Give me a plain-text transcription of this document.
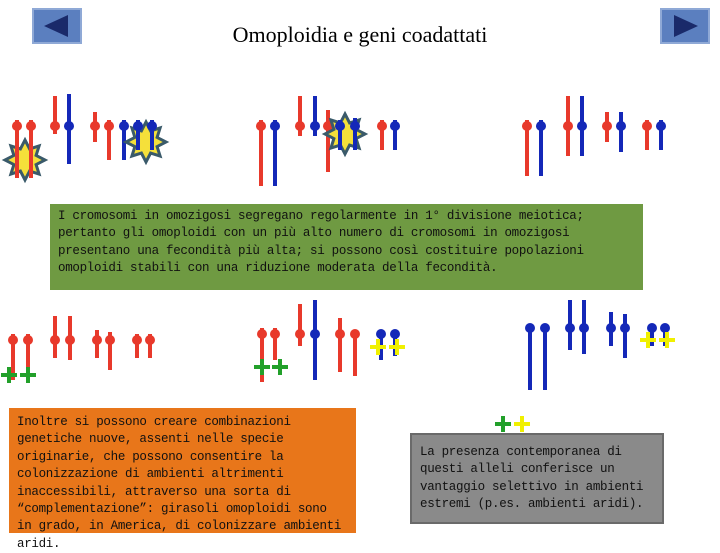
Omoploidia e geni coadattati
I cromosomi in omozigosi segregano regolarmente in 1° divisione meiotica; pertanto gli omoploidi con un più alto numero di cromosomi in omozigosi presentano una fecondità più alta; si possono così costituire popolazioni omoploidi stabili con una riduzione moderata della fecondità.
Inoltre si possono creare combinazioni genetiche nuove, assenti nelle specie originarie, che possono consentire la colonizzazione di ambienti altrimenti inaccessibili, attraverso una sorta di “complementazione”: girasoli omoploidi sono in grado, in America, di colonizzare ambienti aridi.
La presenza contemporanea di questi alleli conferisce un vantaggio selettivo in ambienti estremi (p.es. ambienti aridi).
